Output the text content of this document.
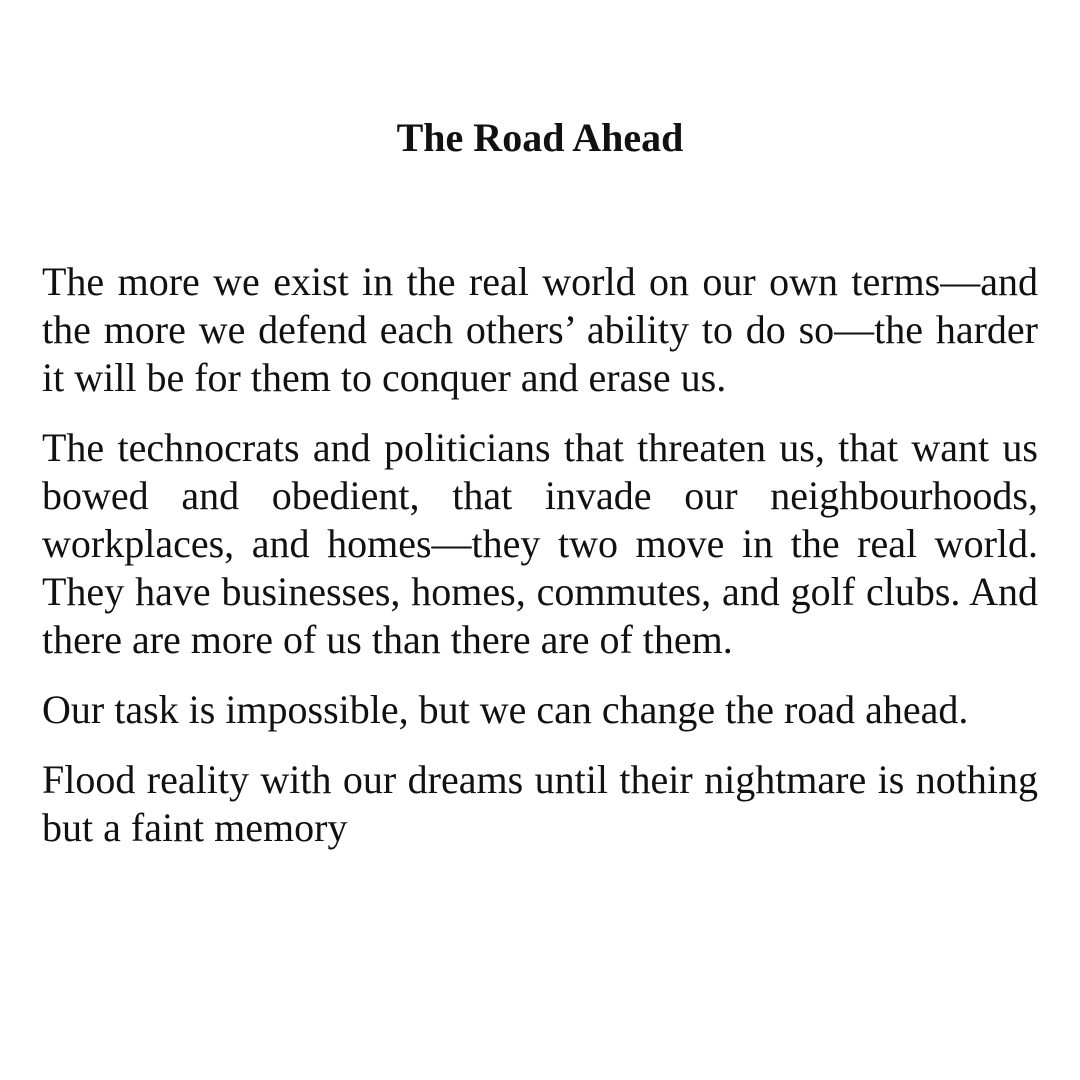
The Road Ahead

The more we exist in the real world on our own terms—and the more we defend each others’ ability to do so—the harder it will be for them to conquer and erase us.

The technocrats and politicians that threaten us, that want us bowed and obedient, that invade our neighbourhoods, workplaces, and homes—they two move in the real world. They have businesses, homes, commutes, and golf clubs. And there are more of us than there are of them.

Our task is impossible, but we can change the road ahead.

Flood reality with our dreams until their nightmare is nothing but a faint memory
